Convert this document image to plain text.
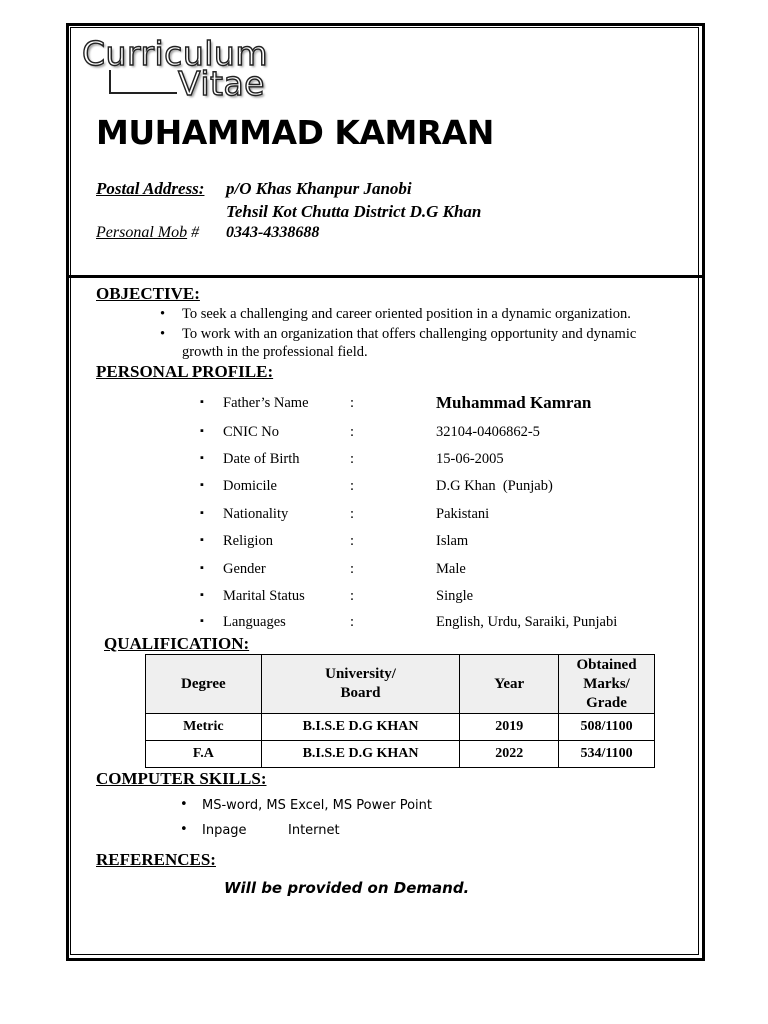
Curriculum
Vitae
MUHAMMAD KAMRAN
Postal Address: p/O Khas Khanpur Janobi
Tehsil Kot Chutta District D.G Khan
Personal Mob # 0343-4338688
OBJECTIVE:
• To seek a challenging and career oriented position in a dynamic organization.
• To work with an organization that offers challenging opportunity and dynamic growth in the professional field.
PERSONAL PROFILE:
▪ Father’s Name	:	Muhammad Kamran
▪ CNIC No	:	32104-0406862-5
▪ Date of Birth	:	15-06-2005
▪ Domicile	:	D.G Khan  (Punjab)
▪ Nationality	:	Pakistani
▪ Religion	:	Islam
▪ Gender	:	Male
▪ Marital Status	:	Single
▪ Languages	:	English, Urdu, Saraiki, Punjabi
QUALIFICATION:
Degree	University/ Board	Year	Obtained Marks/ Grade

Metric	B.I.S.E D.G KHAN	2019	508/1100
F.A	B.I.S.E D.G KHAN	2022	534/1100
COMPUTER SKILLS:
• MS-word, MS Excel, MS Power Point
• Inpage	Internet
REFERENCES:
Will be provided on Demand.
